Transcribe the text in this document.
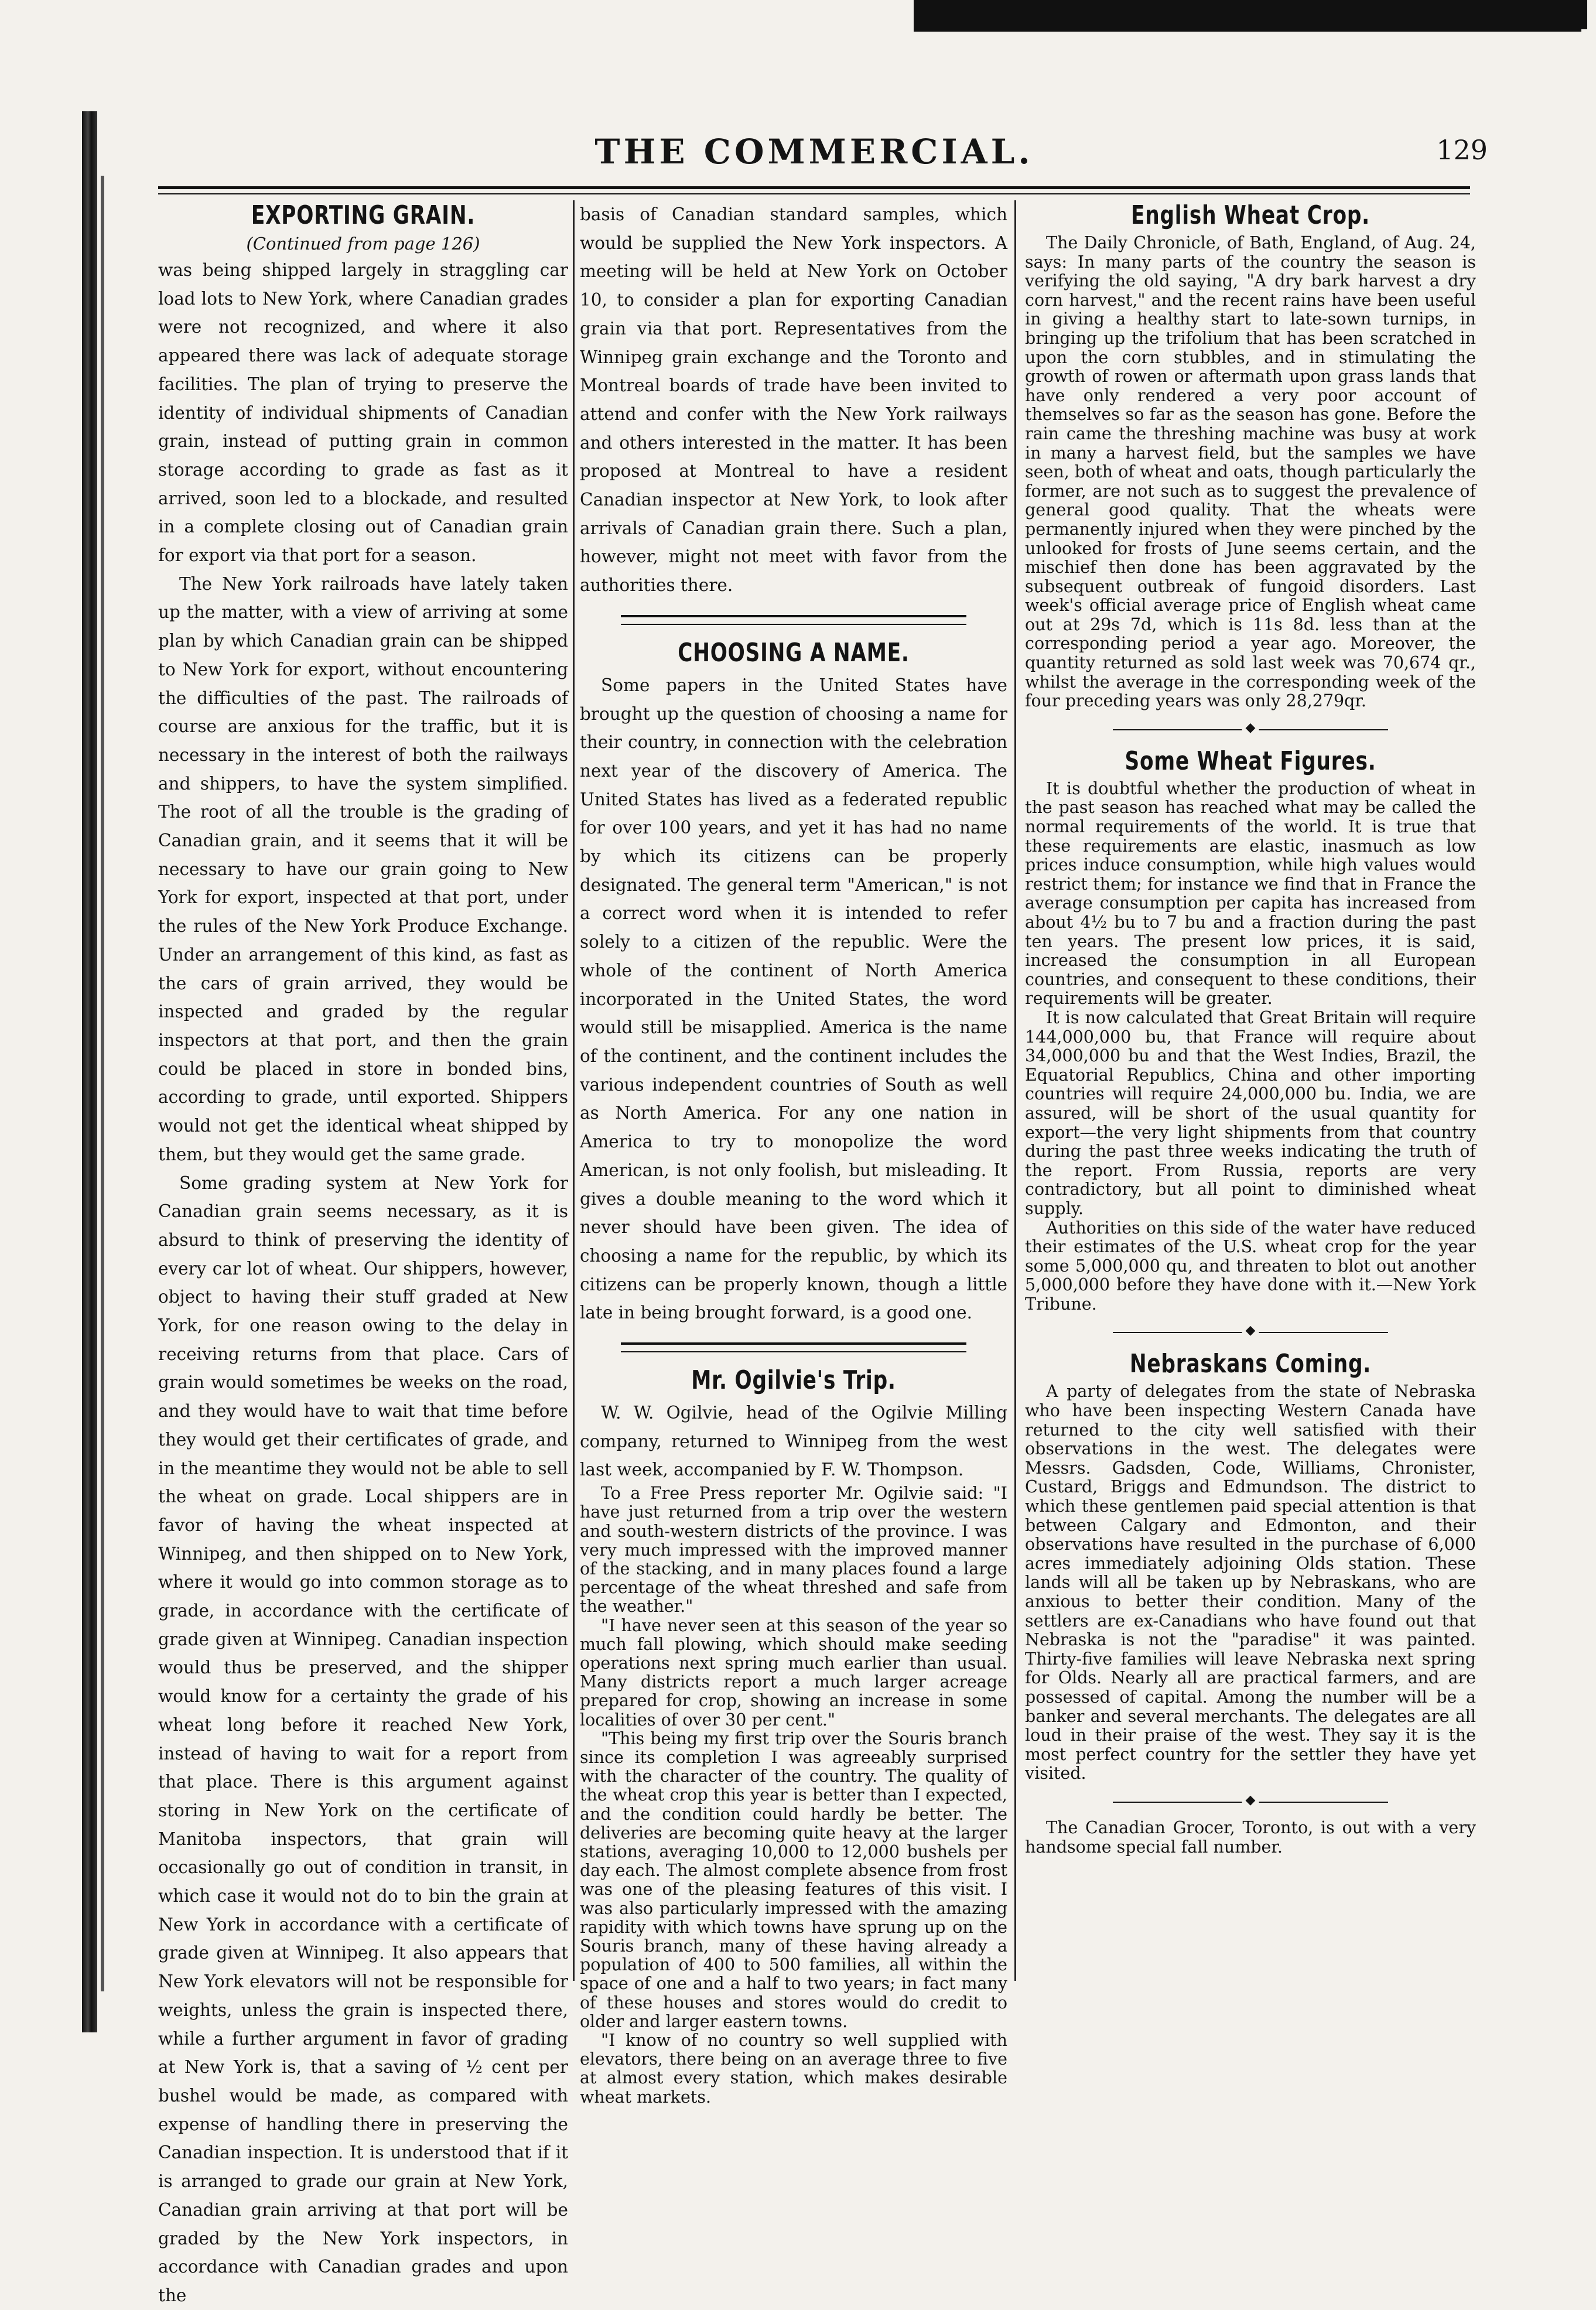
THE COMMERCIAL.	129
EXPORTING GRAIN.
(Continued from page 126)

was being shipped largely in straggling car load lots to New York, where Canadian grades were not recognized, and where it also appeared there was lack of adequate storage facilities. The plan of trying to preserve the identity of individual shipments of Canadian grain, instead of putting grain in common storage according to grade as fast as it arrived, soon led to a blockade, and resulted in a complete closing out of Canadian grain for export via that port for a season.

The New York railroads have lately taken up the matter, with a view of arriving at some plan by which Canadian grain can be shipped to New York for export, without encountering the difficulties of the past. The railroads of course are anxious for the traffic, but it is necessary in the interest of both the railways and shippers, to have the system simplified. The root of all the trouble is the grading of Canadian grain, and it seems that it will be necessary to have our grain going to New York for export, inspected at that port, under the rules of the New York Produce Exchange. Under an arrangement of this kind, as fast as the cars of grain arrived, they would be inspected and graded by the regular inspectors at that port, and then the grain could be placed in store in bonded bins, according to grade, until exported. Shippers would not get the identical wheat shipped by them, but they would get the same grade.

Some grading system at New York for Canadian grain seems necessary, as it is absurd to think of preserving the identity of every car lot of wheat. Our shippers, however, object to having their stuff graded at New York, for one reason owing to the delay in receiving returns from that place. Cars of grain would sometimes be weeks on the road, and they would have to wait that time before they would get their certificates of grade, and in the meantime they would not be able to sell the wheat on grade. Local shippers are in favor of having the wheat inspected at Winnipeg, and then shipped on to New York, where it would go into common storage as to grade, in accordance with the certificate of grade given at Winnipeg. Canadian inspection would thus be preserved, and the shipper would know for a certainty the grade of his wheat long before it reached New York, instead of having to wait for a report from that place. There is this argument against storing in New York on the certificate of Manitoba inspectors, that grain will occasionally go out of condition in transit, in which case it would not do to bin the grain at New York in accordance with a certificate of grade given at Winnipeg. It also appears that New York elevators will not be responsible for weights, unless the grain is inspected there, while a further argument in favor of grading at New York is, that a saving of ½ cent per bushel would be made, as compared with expense of handling there in preserving the Canadian inspection. It is understood that if it is arranged to grade our grain at New York, Canadian grain arriving at that port will be graded by the New York inspectors, in accordance with Canadian grades and upon the

basis of Canadian standard samples, which would be supplied the New York inspectors. A meeting will be held at New York on October 10, to consider a plan for exporting Canadian grain via that port. Representatives from the Winnipeg grain exchange and the Toronto and Montreal boards of trade have been invited to attend and confer with the New York railways and others interested in the matter. It has been proposed at Montreal to have a resident Canadian inspector at New York, to look after arrivals of Canadian grain there. Such a plan, however, might not meet with favor from the authorities there.

CHOOSING A NAME.

Some papers in the United States have brought up the question of choosing a name for their country, in connection with the celebration next year of the discovery of America. The United States has lived as a federated republic for over 100 years, and yet it has had no name by which its citizens can be properly designated. The general term "American," is not a correct word when it is intended to refer solely to a citizen of the republic. Were the whole of the continent of North America incorporated in the United States, the word would still be misapplied. America is the name of the continent, and the continent includes the various independent countries of South as well as North America. For any one nation in America to try to monopolize the word American, is not only foolish, but misleading. It gives a double meaning to the word which it never should have been given. The idea of choosing a name for the republic, by which its citizens can be properly known, though a little late in being brought forward, is a good one.

Mr. Ogilvie's Trip.

W. W. Ogilvie, head of the Ogilvie Milling company, returned to Winnipeg from the west last week, accompanied by F. W. Thompson.

To a Free Press reporter Mr. Ogilvie said: "I have just returned from a trip over the western and south-western districts of the province. I was very much impressed with the improved manner of the stacking, and in many places found a large percentage of the wheat threshed and safe from the weather."

"I have never seen at this season of the year so much fall plowing, which should make seeding operations next spring much earlier than usual. Many districts report a much larger acreage prepared for crop, showing an increase in some localities of over 30 per cent."

"This being my first trip over the Souris branch since its completion I was agreeably surprised with the character of the country. The quality of the wheat crop this year is better than I expected, and the condition could hardly be better. The deliveries are becoming quite heavy at the larger stations, averaging 10,000 to 12,000 bushels per day each. The almost complete absence from frost was one of the pleasing features of this visit. I was also particularly impressed with the amazing rapidity with which towns have sprung up on the Souris branch, many of these having already a population of 400 to 500 families, all within the space of one and a half to two years; in fact many of these houses and stores would do credit to older and larger eastern towns.

"I know of no country so well supplied with elevators, there being on an average three to five at almost every station, which makes desirable wheat markets.

English Wheat Crop.

The Daily Chronicle, of Bath, England, of Aug. 24, says: In many parts of the country the season is verifying the old saying, "A dry bark harvest a dry corn harvest," and the recent rains have been useful in giving a healthy start to late-sown turnips, in bringing up the trifolium that has been scratched in upon the corn stubbles, and in stimulating the growth of rowen or aftermath upon grass lands that have only rendered a very poor account of themselves so far as the season has gone. Before the rain came the threshing machine was busy at work in many a harvest field, but the samples we have seen, both of wheat and oats, though particularly the former, are not such as to suggest the prevalence of general good quality. That the wheats were permanently injured when they were pinched by the unlooked for frosts of June seems certain, and the mischief then done has been aggravated by the subsequent outbreak of fungoid disorders. Last week's official average price of English wheat came out at 29s 7d, which is 11s 8d. less than at the corresponding period a year ago. Moreover, the quantity returned as sold last week was 70,674 qr., whilst the average in the corresponding week of the four preceding years was only 28,279qr.

◆
Some Wheat Figures.

It is doubtful whether the production of wheat in the past season has reached what may be called the normal requirements of the world. It is true that these requirements are elastic, inasmuch as low prices induce consumption, while high values would restrict them; for instance we find that in France the average consumption per capita has increased from about 4½ bu to 7 bu and a fraction during the past ten years. The present low prices, it is said, increased the consumption in all European countries, and consequent to these conditions, their requirements will be greater.

It is now calculated that Great Britain will require 144,000,000 bu, that France will require about 34,000,000 bu and that the West Indies, Brazil, the Equatorial Republics, China and other importing countries will require 24,000,000 bu. India, we are assured, will be short of the usual quantity for export—the very light shipments from that country during the past three weeks indicating the truth of the report. From Russia, reports are very contradictory, but all point to diminished wheat supply.

Authorities on this side of the water have reduced their estimates of the U.S. wheat crop for the year some 5,000,000 qu, and threaten to blot out another 5,000,000 before they have done with it.—New York Tribune.

◆
Nebraskans Coming.

A party of delegates from the state of Nebraska who have been inspecting Western Canada have returned to the city well satisfied with their observations in the west. The delegates were Messrs. Gadsden, Code, Williams, Chronister, Custard, Briggs and Edmundson. The district to which these gentlemen paid special attention is that between Calgary and Edmonton, and their observations have resulted in the purchase of 6,000 acres immediately adjoining Olds station. These lands will all be taken up by Nebraskans, who are anxious to better their condition. Many of the settlers are ex-Canadians who have found out that Nebraska is not the "paradise" it was painted. Thirty-five families will leave Nebraska next spring for Olds. Nearly all are practical farmers, and are possessed of capital. Among the number will be a banker and several merchants. The delegates are all loud in their praise of the west. They say it is the most perfect country for the settler they have yet visited.

◆

The Canadian Grocer, Toronto, is out with a very handsome special fall number.
